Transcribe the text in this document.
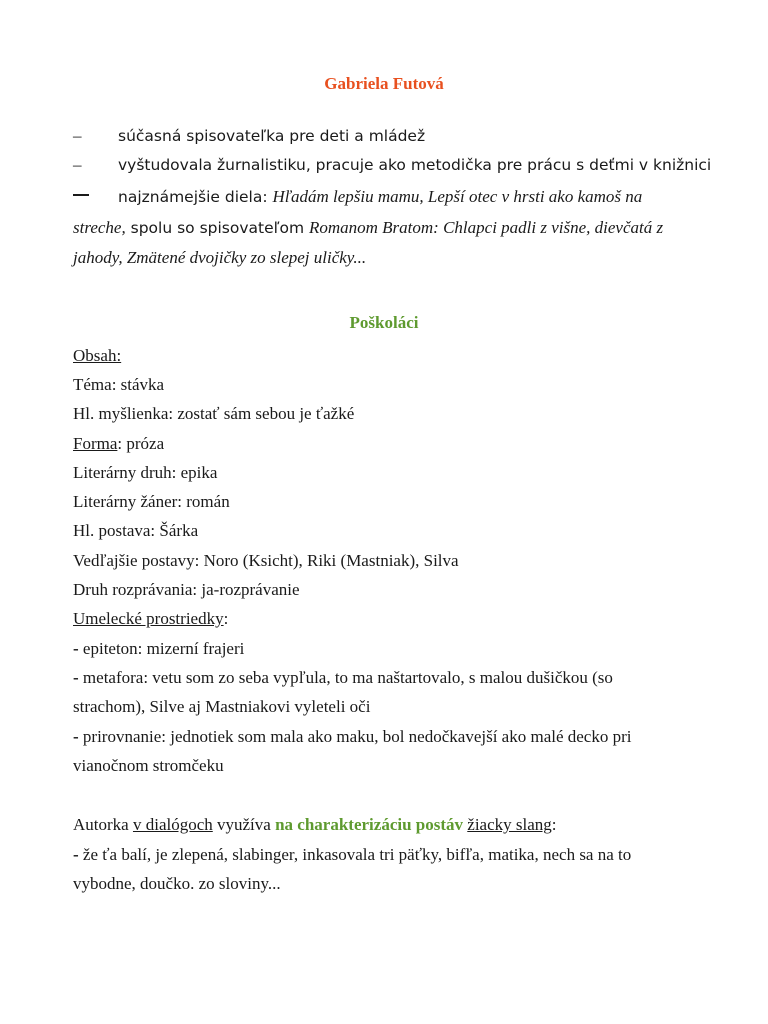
Gabriela Futová
– súčasná spisovateľka pre deti a mládež
– vyštudovala žurnalistiku, pracuje ako metodička pre prácu s deťmi v knižnici
najznámejšie diela: Hľadám lepšiu mamu, Lepší otec v hrsti ako kamoš na
streche, spolu so spisovateľom Romanom Bratom: Chlapci padli z višne, dievčatá z
jahody, Zmätené dvojičky zo slepej uličky...
Poškoláci
Obsah:
Téma: stávka
Hl. myšlienka: zostať sám sebou je ťažké
Forma: próza
Literárny druh: epika
Literárny žáner: román
Hl. postava: Šárka
Vedľajšie postavy: Noro (Ksicht), Riki (Mastniak), Silva
Druh rozprávania: ja-rozprávanie
Umelecké prostriedky:
- epiteton: mizerní frajeri
- metafora: vetu som zo seba vypľula, to ma naštartovalo, s malou dušičkou (so
strachom), Silve aj Mastniakovi vyleteli oči
- prirovnanie: jednotiek som mala ako maku, bol nedočkavejší ako malé decko pri
vianočnom stromčeku
Autorka v dialógoch využíva na charakterizáciu postáv žiacky slang:
- že ťa balí, je zlepená, slabinger, inkasovala tri päťky, bifľa, matika, nech sa na to
vybodne, doučko. zo sloviny...
